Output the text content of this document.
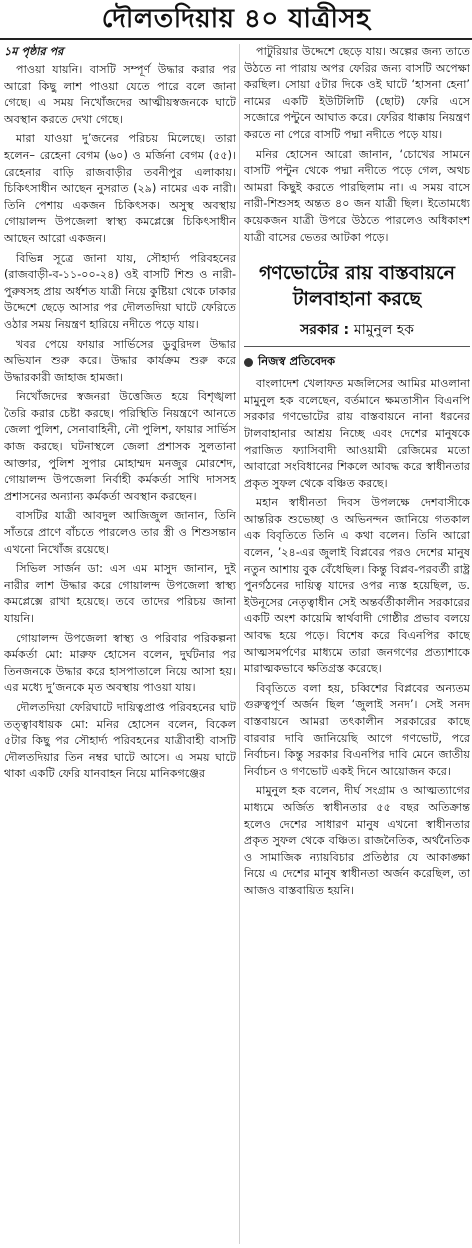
দৌলতদিয়ায় ৪০ যাত্রীসহ

১ম পৃষ্ঠার পর

পাওয়া যায়নি। বাসটি সম্পূর্ণ উদ্ধার করার পর আরো কিছু লাশ পাওয়া যেতে পারে বলে জানা গেছে। এ সময় নিখোঁজদের আত্মীয়স্বজনকে ঘাটে অবস্থান করতে দেখা গেছে।

মারা যাওয়া দু’জনের পরিচয় মিলেছে। তারা হলেন– রেহেনা বেগম (৬০) ও মর্জিনা বেগম (৫৫)। রেহেনার বাড়ি রাজবাড়ীর তবনীপুর এলাকায়। চিকিৎসাধীন আছেন নুসরাত (২৯) নামের এক নারী। তিনি পেশায় একজন চিকিৎসক। অসুস্থ অবস্থায় গোয়ালন্দ উপজেলা স্বাস্থ্য কমপ্লেক্সে চিকিৎসাধীন আছেন আরো একজন।

বিভিন্ন সূত্রে জানা যায়, সৌহার্দ্য পরিবহনের (রাজবাড়ী-ব-১১-০০-২৪) ওই বাসটি শিশু ও নারী-পুরুষসহ প্রায় অর্ধশত যাত্রী নিয়ে কুষ্টিয়া থেকে ঢাকার উদ্দেশে ছেড়ে আসার পর দৌলতদিয়া ঘাটে ফেরিতে ওঠার সময় নিয়ন্ত্রণ হারিয়ে নদীতে পড়ে যায়।

খবর পেয়ে ফায়ার সার্ভিসের ডুবুরিদল উদ্ধার অভিযান শুরু করে। উদ্ধার কার্যক্রম শুরু করে উদ্ধারকারী জাহাজ হামজা।

নিখোঁজদের স্বজনরা উত্তেজিত হয়ে বিশৃঙ্খলা তৈরি করার চেষ্টা করছে। পরিস্থিতি নিয়ন্ত্রণে আনতে জেলা পুলিশ, সেনাবাহিনী, নৌ পুলিশ, ফায়ার সার্ভিস কাজ করছে। ঘটনাস্থলে জেলা প্রশাসক সুলতানা আক্তার, পুলিশ সুপার মোহাম্মদ মনজুর মোরশেদ, গোয়ালন্দ উপজেলা নির্বাহী কর্মকর্তা সাথি দাসসহ প্রশাসনের অন্যান্য কর্মকর্তা অবস্থান করছেন।

বাসটির যাত্রী আবদুল আজিজুল জানান, তিনি সাঁতরে প্রাণে বাঁচতে পারলেও তার স্ত্রী ও শিশুসন্তান এখনো নিখোঁজ রয়েছে।

সিভিল সার্জন ডা: এস এম মাসুদ জানান, দুই নারীর লাশ উদ্ধার করে গোয়ালন্দ উপজেলা স্বাস্থ্য কমপ্লেক্সে রাখা হয়েছে। তবে তাদের পরিচয় জানা যায়নি।

গোয়ালন্দ উপজেলা স্বাস্থ্য ও পরিবার পরিকল্পনা কর্মকর্তা মো: মারুফ হোসেন বলেন, দুর্ঘটনার পর তিনজনকে উদ্ধার করে হাসপাতালে নিয়ে আসা হয়। এর মধ্যে দু’জনকে মৃত অবস্থায় পাওয়া যায়।

দৌলতদিয়া ফেরিঘাটে দায়িত্বপ্রাপ্ত পরিবহনের ঘাট তত্ত্বাবধায়ক মো: মনির হোসেন বলেন, বিকেল ৫টার কিছু পর সৌহার্দ্য পরিবহনের যাত্রীবাহী বাসটি দৌলতদিয়ার তিন নম্বর ঘাটে আসে। এ সময় ঘাটে থাকা একটি ফেরি যানবাহন নিয়ে মানিকগঞ্জের

পাটুরিয়ার উদ্দেশে ছেড়ে যায়। অল্পের জন্য তাতে উঠতে না পারায় অপর ফেরির জন্য বাসটি অপেক্ষা করছিল। সোয়া ৫টার দিকে ওই ঘাটে ‘হাসনা হেনা’ নামের একটি ইউটিলিটি (ছোট) ফেরি এসে সজোরে পন্টুনে আঘাত করে। ফেরির ধাক্কায় নিয়ন্ত্রণ করতে না পেরে বাসটি পদ্মা নদীতে পড়ে যায়।

মনির হোসেন আরো জানান, ‘চোখের সামনে বাসটি পন্টুন থেকে পদ্মা নদীতে পড়ে গেল, অথচ আমরা কিছুই করতে পারছিলাম না। এ সময় বাসে নারী-শিশুসহ অন্তত ৪০ জন যাত্রী ছিল। ইতোমধ্যে কয়েকজন যাত্রী উপরে উঠতে পারলেও অধিকাংশ যাত্রী বাসের ভেতর আটকা পড়ে।

গণভোটের রায় বাস্তবায়নে টালবাহানা করছে
সরকার : মামুনুল হক
নিজস্ব প্রতিবেদক

বাংলাদেশ খেলাফত মজলিসের আমির মাওলানা মামুনুল হক বলেছেন, বর্তমানে ক্ষমতাসীন বিএনপি সরকার গণভোটের রায় বাস্তবায়নে নানা ধরনের টালবাহানার আশ্রয় নিচ্ছে এবং দেশের মানুষকে পরাজিত ফ্যাসিবাদী আওয়ামী রেজিমের মতো আবারো সংবিধানের শিকলে আবদ্ধ করে স্বাধীনতার প্রকৃত সুফল থেকে বঞ্চিত করছে।

মহান স্বাধীনতা দিবস উপলক্ষে দেশবাসীকে আন্তরিক শুভেচ্ছা ও অভিনন্দন জানিয়ে গতকাল এক বিবৃতিতে তিনি এ কথা বলেন। তিনি আরো বলেন, ’২৪-এর জুলাই বিপ্লবের পরও দেশের মানুষ নতুন আশায় বুক বেঁধেছিল। কিন্তু বিপ্লব-পরবর্তী রাষ্ট্র পুনর্গঠনের দায়িত্ব যাদের ওপর ন্যস্ত হয়েছিল, ড. ইউনূসের নেতৃত্বাধীন সেই অন্তর্বর্তীকালীন সরকারের একটি অংশ কায়েমি স্বার্থবাদী গোষ্ঠীর প্রভাব বলয়ে আবদ্ধ হয়ে পড়ে। বিশেষ করে বিএনপির কাছে আত্মসমর্পণের মাধ্যমে তারা জনগণের প্রত্যাশাকে মারাত্মকভাবে ক্ষতিগ্রস্ত করেছে।

বিবৃতিতে বলা হয়, চব্বিশের বিপ্লবের অন্যতম গুরুত্বপূর্ণ অর্জন ছিল ‘জুলাই সনদ’। সেই সনদ বাস্তবায়নে আমরা তৎকালীন সরকারের কাছে বারবার দাবি জানিয়েছি আগে গণভোট, পরে নির্বাচন। কিন্তু সরকার বিএনপির দাবি মেনে জাতীয় নির্বাচন ও গণভোট একই দিনে আয়োজন করে।

মামুনুল হক বলেন, দীর্ঘ সংগ্রাম ও আত্মত্যাগের মাধ্যমে অর্জিত স্বাধীনতার ৫৫ বছর অতিক্রান্ত হলেও দেশের সাধারণ মানুষ এখনো স্বাধীনতার প্রকৃত সুফল থেকে বঞ্চিত। রাজনৈতিক, অর্থনৈতিক ও সামাজিক ন্যায়বিচার প্রতিষ্ঠার যে আকাঙ্ক্ষা নিয়ে এ দেশের মানুষ স্বাধীনতা অর্জন করেছিল, তা আজও বাস্তবায়িত হয়নি।
